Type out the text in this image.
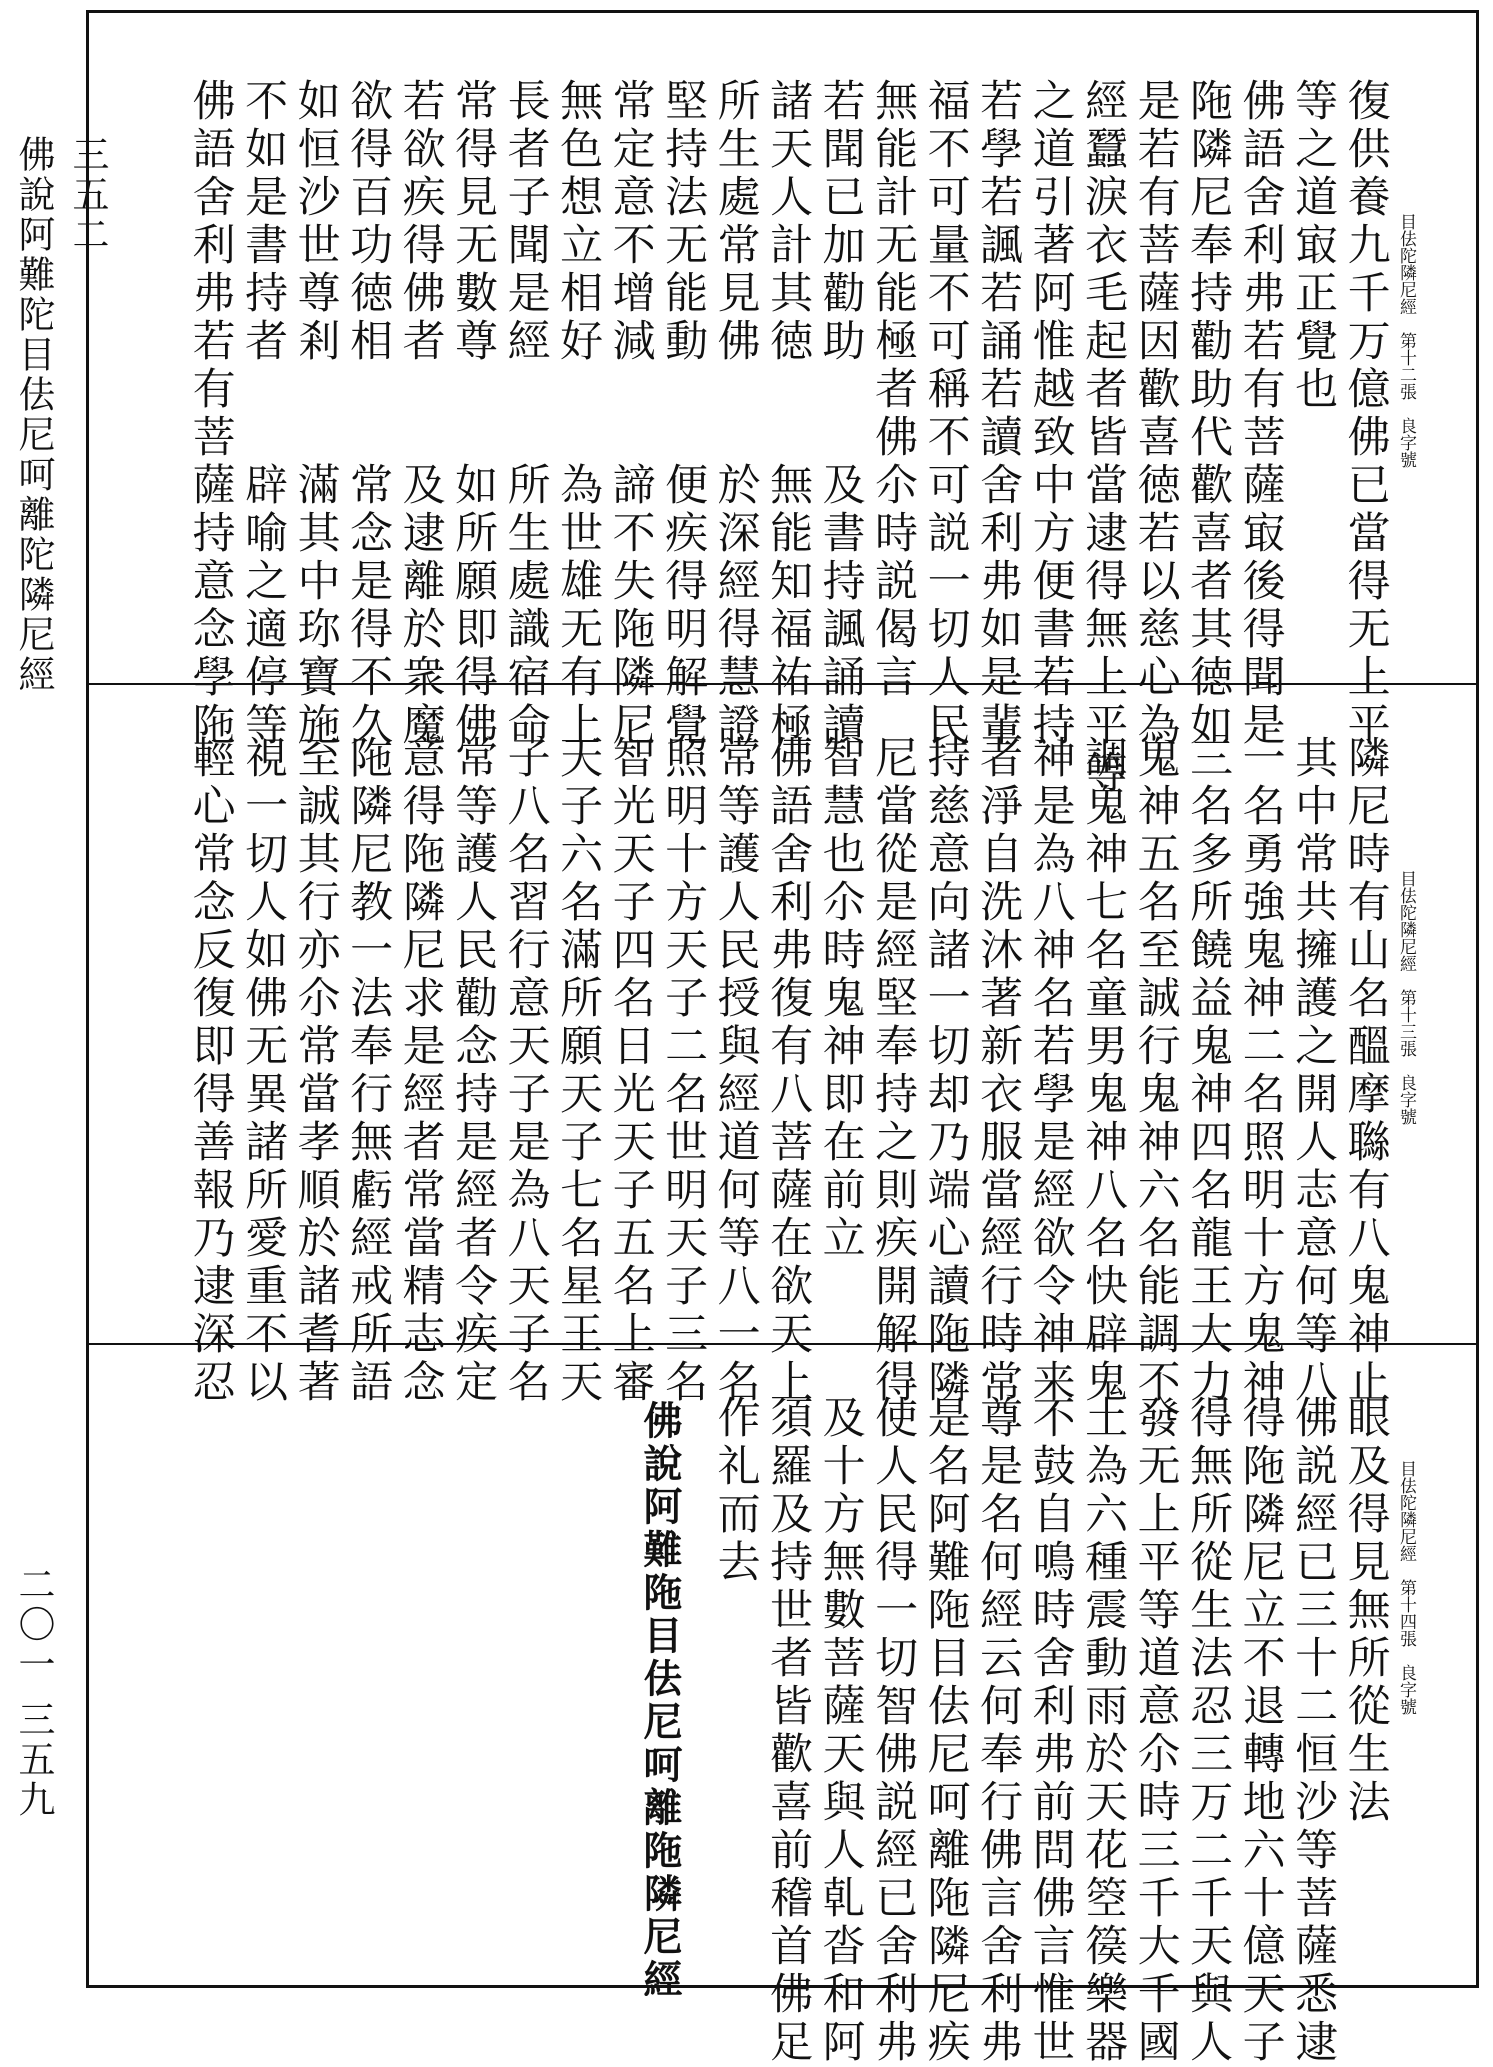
三五二
佛說阿難陀目佉尼呵離陀隣尼經
二〇一 三五九
目佉陀隣尼經　第十二張　良字號
復供養九千万億佛已當得无上平
等之道㝡正覺也
佛語舍利弗若有菩薩㝡後得聞是
陁隣尼奉持勸助代歡喜者其徳如
是若有菩薩因歡喜徳若以慈心為
經蠶淚衣毛起者皆當逮得無上平等
之道引著阿惟越致中方便書若持
若學若諷若誦若讀舍利弗如是輩
福不可量不可稱不可説一切人民
無能計无能極者佛尒時説偈言
若聞已加勸助　　及書持諷誦讀
諸天人計其徳　　無能知福祐極
所生處常見佛　　於深經得慧證
堅持法无能動　　便疾得明解覺
常定意不增減　　諦不失陁隣尼
無色想立相好　　為世雄无有上
長者子聞是經　　所生處識宿命
常得見无數尊　　如所願即得佛
若欲疾得佛者　　及逮離於衆魔
欲得百功徳相　　常念是得不久
如恒沙世尊剎　　滿其中珎寶施
不如是書持者　　辟喻之適停等
佛語舍利弗若有菩薩持意念學陁
目佉陀隣尼經　第十三張　良字號
隣尼時有山名醞摩䏈有八鬼神止
其中常共擁護之開人志意何等八
一名勇強鬼神二名照明十方鬼神
三名多所饒益鬼神四名龍王大力
鬼神五名至誠行鬼神六名能調不
調鬼神七名童男鬼神八名快辟鬼
神是為八神名若學是經欲令神来
者淨自洗沐著新衣服當經行時常
持慈意向諸一切却乃端心讀陁隣
尼當從是經堅奉持之則疾開解得
智慧也尒時鬼神即在前立
佛語舍利弗復有八菩薩在欲天上
常等護人民授與經道何等八一名
照明十方天子二名世明天子三名
智光天子四名日光天子五名上審
天子六名滿所願天子七名星王天
子八名習行意天子是為八天子名
常等護人民勸念持是經者令疾定
意得陁隣尼求是經者常當精志念
陁隣尼教一法奉行無虧經戒所語
至誠其行亦尒常當孝順於諸耆著
視一切人如佛无異諸所愛重不以
輕心常念反復即得善報乃逮深忍
目佉陀隣尼經　第十四張　良字號
佛說阿難陁目佉尼呵離陁隣尼經	眼及得見無所從生法
佛説經已三十二恒沙等菩薩悉逮
得陁隣尼立不退轉地六十億天子
得無所從生法忍三万二千天與人
發无上平等道意尒時三千大千國
土為六種震動雨於天花箜篌樂器
不鼓自鳴時舍利弗前問佛言惟世
尊是名何經云何奉行佛言舍利弗
是名阿難陁目佉尼呵離陁隣尼疾
使人民得一切智佛説經已舍利弗
及十方無數菩薩天與人乹沓和阿
須羅及持世者皆歡喜前稽首佛足
作礼而去
